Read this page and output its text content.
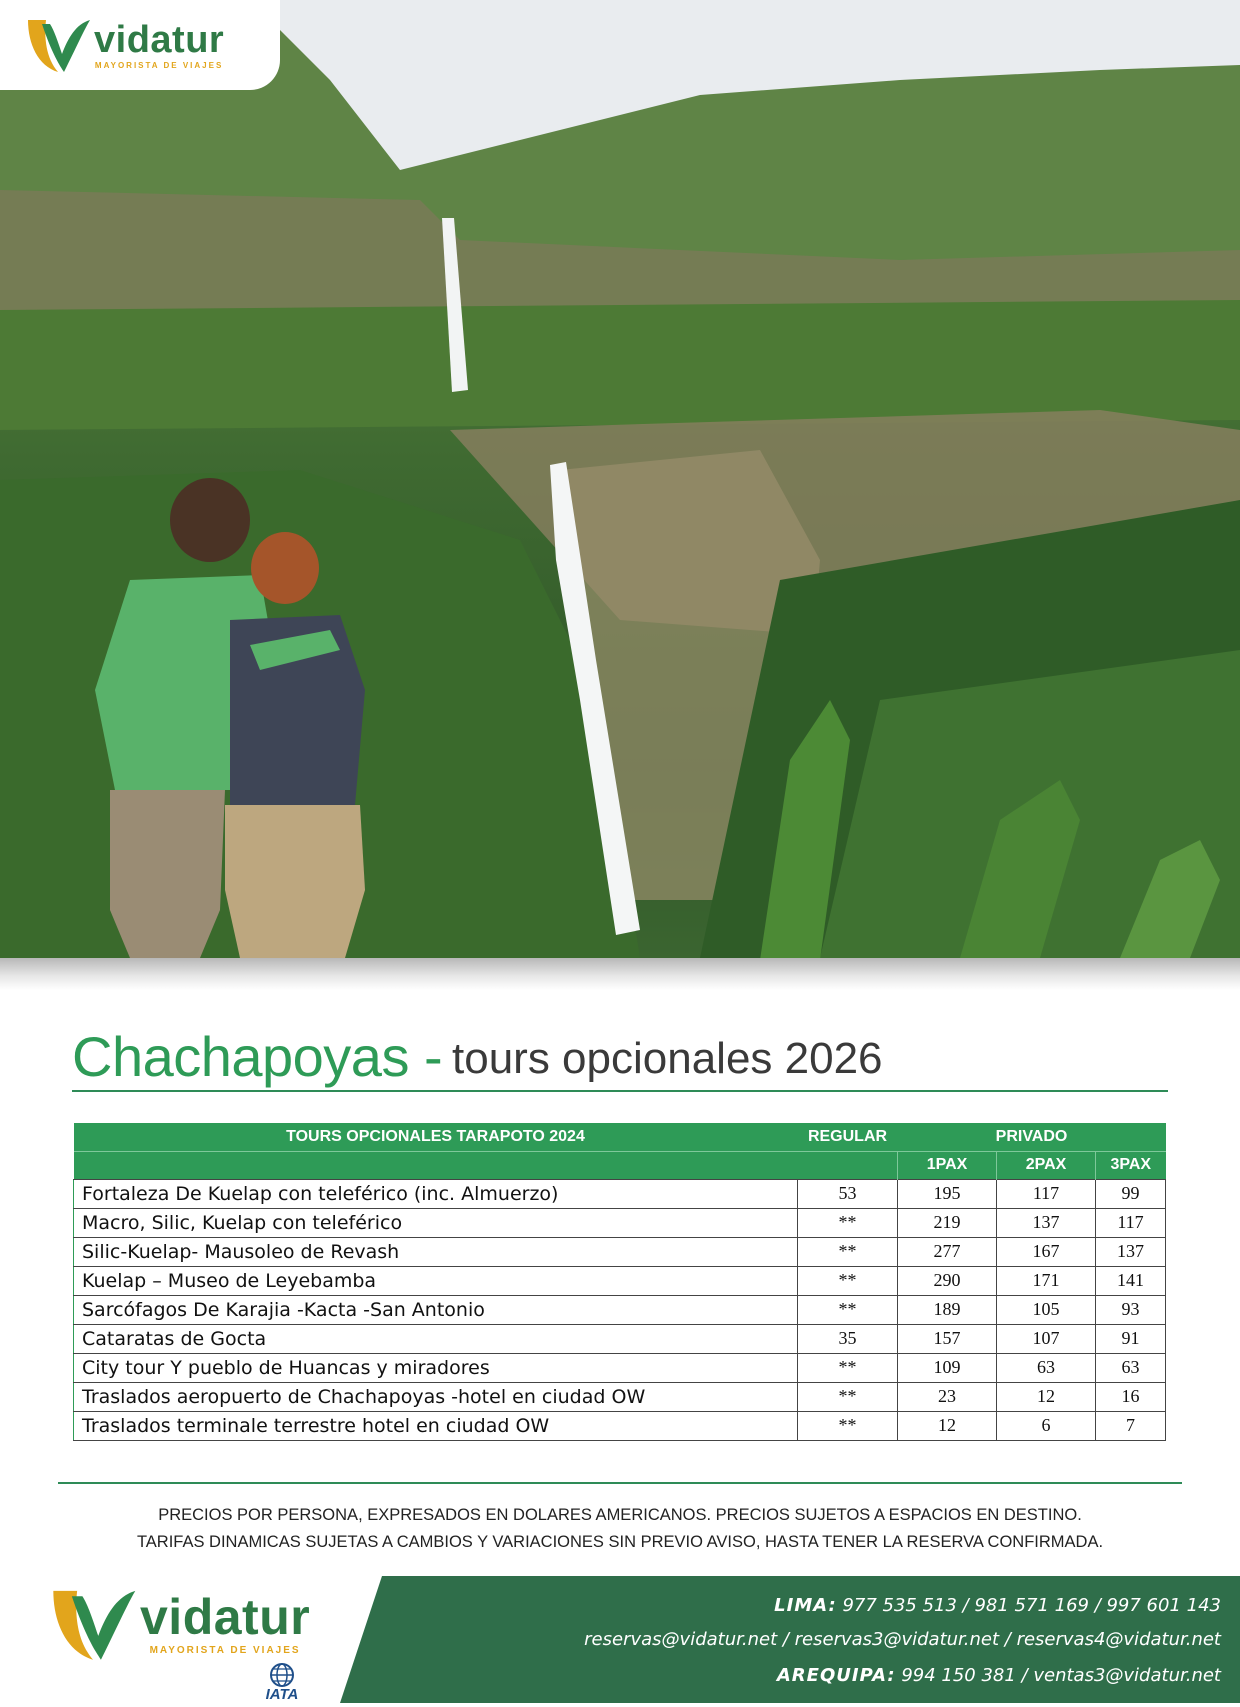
vidatur
MAYORISTA DE VIAJES
Chachapoyas - tours opcionales 2026
TOURS OPCIONALES TARAPOTO 2024	REGULAR	PRIVADO		
		1PAX	2PAX	3PAX
Fortaleza De Kuelap con teleférico (inc. Almuerzo)	53	195	117	99
Macro, Silic, Kuelap con teleférico	**	219	137	117
Silic-Kuelap- Mausoleo de Revash	**	277	167	137
Kuelap – Museo de Leyebamba	**	290	171	141
Sarcófagos De Karajia -Kacta -San Antonio	**	189	105	93
Cataratas de Gocta	35	157	107	91
City tour Y pueblo de Huancas y miradores	**	109	63	63
Traslados aeropuerto de Chachapoyas -hotel en ciudad OW	**	23	12	16
Traslados terminale terrestre hotel en ciudad OW	**	12	6	7
PRECIOS POR PERSONA, EXPRESADOS EN DOLARES AMERICANOS. PRECIOS SUJETOS A ESPACIOS EN DESTINO.
TARIFAS DINAMICAS SUJETAS A CAMBIOS Y VARIACIONES SIN PREVIO AVISO, HASTA TENER LA RESERVA CONFIRMADA.
vidatur
MAYORISTA DE VIAJES
IATA
LIMA: 977 535 513 / 981 571 169 / 997 601 143
reservas@vidatur.net / reservas3@vidatur.net / reservas4@vidatur.net
AREQUIPA: 994 150 381 / ventas3@vidatur.net
